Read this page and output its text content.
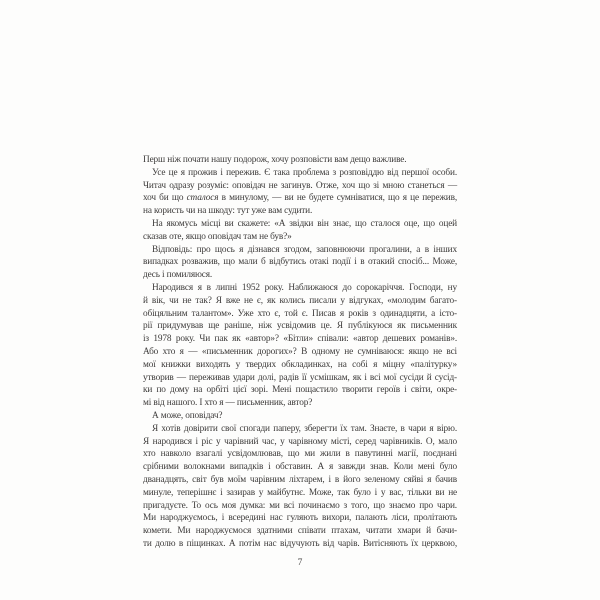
Перш ніж почати нашу подорож, хочу розповісти вам дещо важливе.
Усе це я прожив і пережив. Є така проблема з розповіддю від першої особи.
Читач одразу розуміє: оповідач не загинув. Отже, хоч що зі мною станеться —
хоч би що сталося в минулому, — ви не будете сумніватися, що я це пережив,
на користь чи на шкоду: тут уже вам судити.
На якомусь місці ви скажете: «А звідки він знає, що сталося оце, що оцей
сказав оте, якщо оповідач там не був?»
Відповідь: про щось я дізнався згодом, заповнюючи прогалини, а в інших
випадках розважив, що мали б відбутись отакі події і в отакий спосіб... Може,
десь і помиляюся.
Народився я в липні 1952 року. Наближаюся до сорокаріччя. Господи, ну
й вік, чи не так? Я вже не є, як колись писали у відгуках, «молодим багато-
обіцяльним талантом». Уже хто є, той є. Писав я років з одинадцяти, а істо-
рії придумував ще раніше, ніж усвідомив це. Я публікуюся як письменник
із 1978 року. Чи пак як «автор»? «Бітли» співали: «автор дешевих романів».
Або хто я — «письменник дорогих»? В одному не сумніваюся: якщо не всі
мої книжки виходять у твердих обкладинках, на собі я міцну «палітурку»
утворив — переживав удари долі, радів її усмішкам, як і всі мої сусіди й сусід-
ки по дому на орбіті цієї зорі. Мені пощастило творити героїв і світи, окре-
мі від нашого. І хто я — письменник, автор?
А може, оповідач?
Я хотів довірити свої спогади паперу, зберегти їх там. Знаєте, в чари я вірю.
Я народився і ріс у чарівний час, у чарівному місті, серед чарівників. О, мало
хто навколо взагалі усвідомлював, що ми жили в павутинні магії, поєднані
срібними волокнами випадків і обставин. А я завжди знав. Коли мені було
дванадцять, світ був моїм чарівним ліхтарем, і в його зеленому сяйві я бачив
минуле, теперішнє і зазирав у майбутнє. Може, так було і у вас, тільки ви не
пригадуєте. То ось моя думка: ми всі починаємо з того, що знаємо про чари.
Ми народжуємось, і всередині нас гуляють вихори, палають ліси, пролітають
комети. Ми народжуємося здатними співати птахам, читати хмари й бачи-
ти долю в піщинках. А потім нас відучують від чарів. Витісняють їх церквою,
7
